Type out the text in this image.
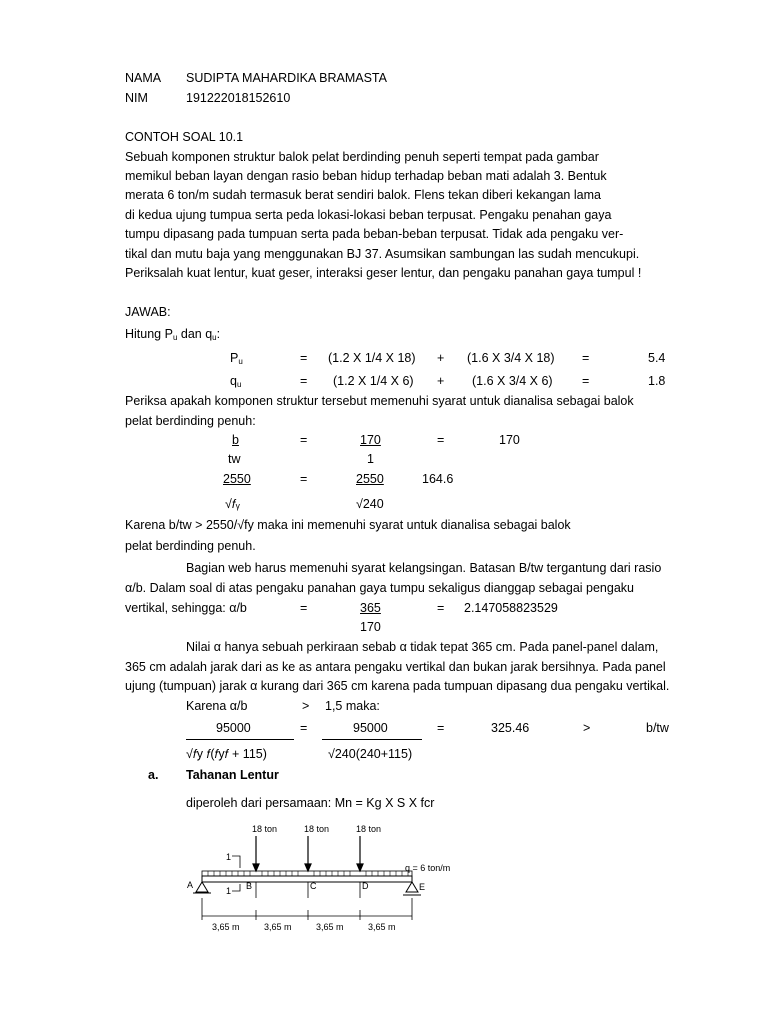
NAMA SUDIPTA MAHARDIKA BRAMASTA
NIM	191222018152610
CONTOH SOAL 10.1
Sebuah komponen struktur balok pelat berdinding penuh seperti tempat pada gambar
memikul beban layan dengan rasio beban hidup terhadap beban mati adalah 3. Bentuk
merata 6 ton/m sudah termasuk berat sendiri balok. Flens tekan diberi kekangan lama
di kedua ujung tumpua serta peda lokasi-lokasi beban terpusat. Pengaku penahan gaya
tumpu dipasang pada tumpuan serta pada beban-beban terpusat. Tidak ada pengaku ver-
tikal dan mutu baja yang menggunakan BJ 37. Asumsikan sambungan las sudah mencukupi.
Periksalah kuat lentur, kuat geser, interaksi geser lentur, dan pengaku panahan gaya tumpul !
JAWAB:
Hitung $P_u$ dan $q_u$:
$P_u$	= (1.2 X 1/4 X 18) + (1.6 X 3/4 X 18) =	5.4
$q_u$	= (1.2 X 1/4 X 6) + (1.6 X 3/4 X 6) =	1.8
Periksa apakah komponen struktur tersebut memenuhi syarat untuk dianalisa sebagai balok
pelat berdinding penuh:
b	=	170	=	170
tw	1
2550	=	2550	164.6
√𝑓ᵧ	√240
Karena b/tw > 2550/√fy maka ini memenuhi syarat untuk dianalisa sebagai balok
pelat berdinding penuh.
Bagian web harus memenuhi syarat kelangsingan. Batasan B/tw tergantung dari rasio
α/b. Dalam soal di atas pengaku panahan gaya tumpu sekaligus dianggap sebagai pengaku
vertikal, sehingga: α/b	=	365	= 2.147058823529
170
Nilai α hanya sebuah perkiraan sebab α tidak tepat 365 cm. Pada panel-panel dalam,
365 cm adalah jarak dari as ke as antara pengaku vertikal dan bukan jarak bersihnya. Pada panel
ujung (tumpuan) jarak α kurang dari 365 cm karena pada tumpuan dipasang dua pengaku vertikal.
Karena α/b	> 1,5 maka:
95000	=	95000	=	325.46	>	b/tw
√𝑓y 𝑓(𝑓y𝑓 + 115)	√240(240+115)
a. Tahanan Lentur
diperoleh dari persamaan: Mn = Kg X S X fcr
18 ton	18 ton	18 ton
q = 6 ton/m
1
1
A	B	C	D	E
3,65 m	3,65 m	3,65 m	3,65 m
